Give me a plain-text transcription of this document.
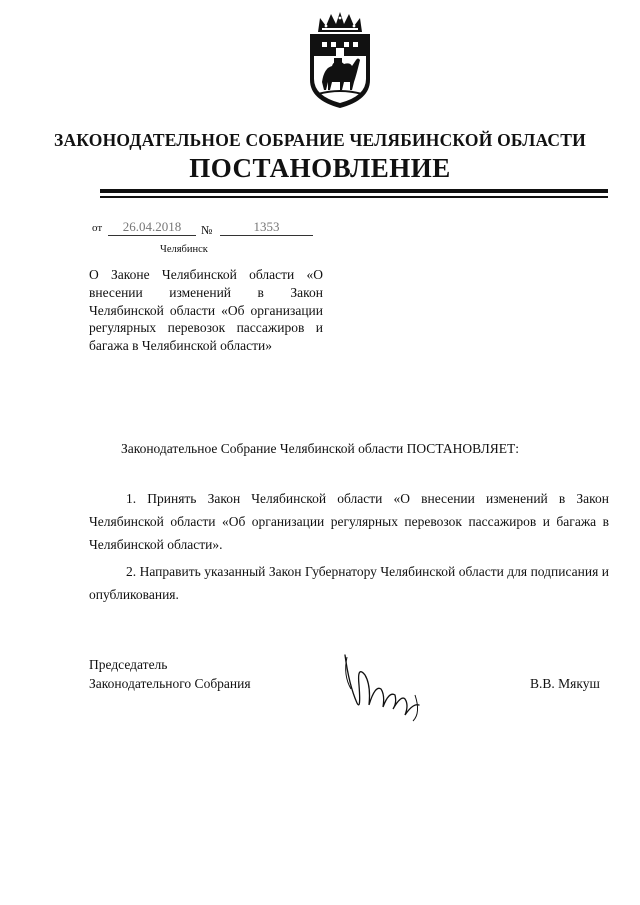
ЗАКОНОДАТЕЛЬНОЕ СОБРАНИЕ ЧЕЛЯБИНСКОЙ ОБЛАСТИ
ПОСТАНОВЛЕНИЕ
от	26.04.2018	№	1353
Челябинск
О Законе Челябинской области «О внесении изменений в Закон Челябинской области «Об организации регулярных перевозок пассажиров и багажа в Челябинской области»
Законодательное Собрание Челябинской области ПОСТАНОВЛЯЕТ:
1. Принять Закон Челябинской области «О внесении изменений в Закон Челябинской области «Об организации регулярных перевозок пассажиров и багажа в Челябинской области».
2. Направить указанный Закон Губернатору Челябинской области для подписания и опубликования.
Председатель
Законодательного Собрания	В.В. Мякуш
